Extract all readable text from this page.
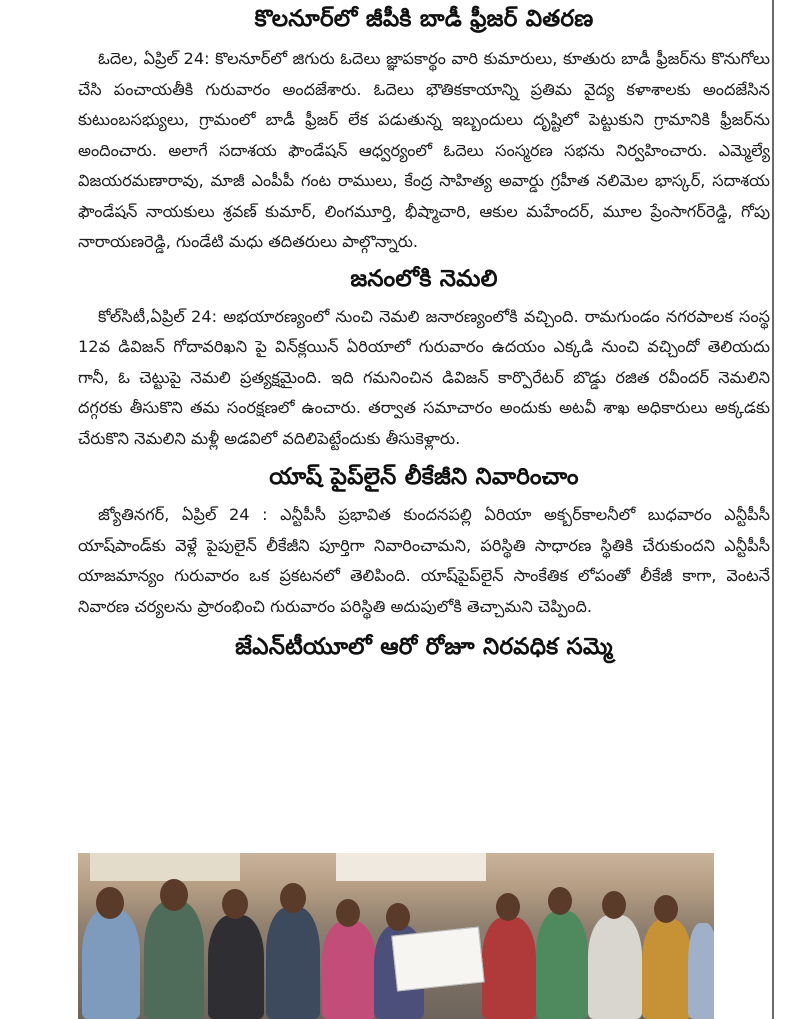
కొలనూర్‌లో జీపీకి బాడీ ఫ్రీజర్‌ వితరణ

ఓదెల, ఏప్రిల్‌ 24: కొలనూర్‌లో జిగురు ఓదెలు జ్ఞాపకార్థం వారి కుమారులు, కూతురు బాడీ ఫ్రీజర్‌ను కొనుగోలు చేసి పంచాయతీకి గురువారం అందజేశారు. ఓదెలు భౌతికకాయాన్ని ప్రతిమ వైద్య కళాశాలకు అందజేసిన కుటుంబసభ్యులు, గ్రామంలో బాడీ ఫ్రీజర్‌ లేక పడుతున్న ఇబ్బందులు దృష్టిలో పెట్టుకుని గ్రామానికి ఫ్రీజర్‌ను అందించారు. అలాగే సదాశయ ఫౌండేషన్‌ ఆధ్వర్యంలో ఓదెలు సంస్మరణ సభను నిర్వహించారు. ఎమ్మెల్యే విజయరమణారావు, మాజీ ఎంపీపీ గంట రాములు, కేంద్ర సాహిత్య అవార్డు గ్రహీత నలిమెల భాస్కర్‌, సదాశయ ఫౌండేషన్‌ నాయకులు శ్రవణ్‌ కుమార్‌, లింగమూర్తి, భీష్మాచారి, ఆకుల మహేందర్‌, మూల ప్రేంసాగర్‌రెడ్డి, గోపు నారాయణరెడ్డి, గుండేటి మధు తదితరులు పాల్గొన్నారు.

జనంలోకి నెమలి

కోల్‌సిటీ,ఏప్రిల్‌ 24: అభయారణ్యంలో నుంచి నెమలి జనారణ్యంలోకి వచ్చింది. రామగుండం నగరపాలక సంస్థ 12వ డివిజన్‌ గోదావరిఖని పై విన్‌క్లయిన్‌ ఏరియాలో గురువారం ఉదయం ఎక్కడి నుంచి వచ్చిందో తెలియదు గానీ, ఓ చెట్టుపై నెమలి ప్రత్యక్షమైంది. ఇది గమనించిన డివిజన్‌ కార్పొరేటర్‌ బొడ్డు రజిత రవీందర్‌ నెమలిని దగ్గరకు తీసుకొని తమ సంరక్షణలో ఉంచారు. తర్వాత సమాచారం అందుకు అటవీ శాఖ అధికారులు అక్కడకు చేరుకొని నెమలిని మళ్లీ అడవిలో వదిలిపెట్టేందుకు తీసుకెళ్లారు.

యాష్‌ పైప్‌లైన్‌ లీకేజీని నివారించాం

జ్యోతినగర్‌, ఏప్రిల్‌ 24 : ఎన్టీపీసీ ప్రభావిత కుందనపల్లి ఏరియా అక్బర్‌కాలనీలో బుధవారం ఎన్టీపీసీ యాష్‌పాండ్‌కు వెళ్లే పైపులైన్‌ లీకేజీని పూర్తిగా నివారించామని, పరిస్థితి సాధారణ స్థితికి చేరుకుందని ఎన్టీపీసీ యాజమాన్యం గురువారం ఒక ప్రకటనలో తెలిపింది. యాష్‌పైప్‌లైన్‌ సాంకేతిక లోపంతో లీకేజీ కాగా, వెంటనే నివారణ చర్యలను ప్రారంభించి గురువారం పరిస్థితి అదుపులోకి తెచ్చామని చెప్పింది.

జేఎన్‌టీయూలో ఆరో రోజూ నిరవధిక సమ్మె
